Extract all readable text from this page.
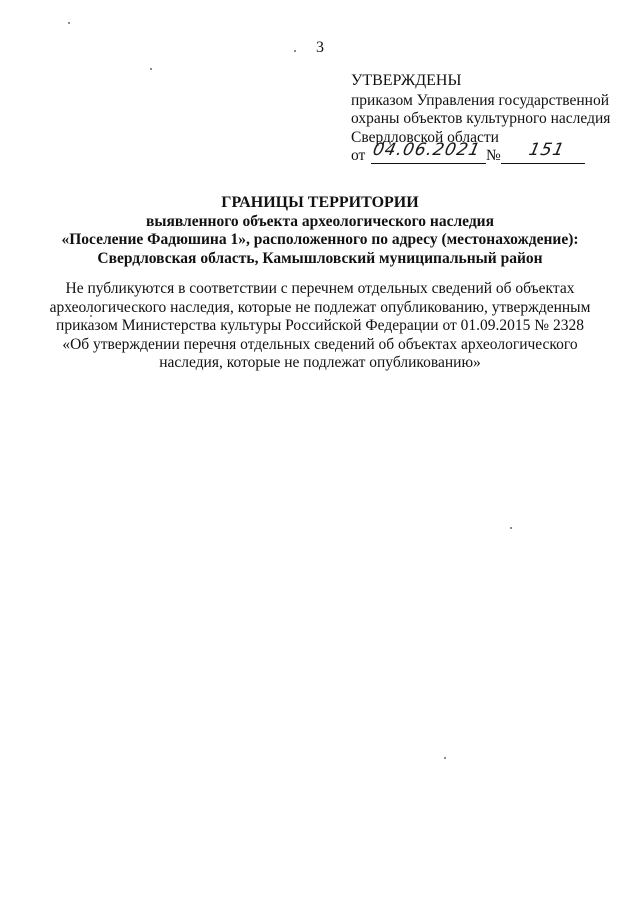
3
УТВЕРЖДЕНЫ
приказом Управления государственной
охраны объектов культурного наследия
Свердловской области
от 04.06.2021 № 151
ГРАНИЦЫ ТЕРРИТОРИИ
выявленного объекта археологического наследия
«Поселение Фадюшина 1», расположенного по адресу (местонахождение):
Свердловская область, Камышловский муниципальный район
Не публикуются в соответствии с перечнем отдельных сведений об объектах
археологического наследия, которые не подлежат опубликованию, утвержденным
приказом Министерства культуры Российской Федерации от 01.09.2015 № 2328
«Об утверждении перечня отдельных сведений об объектах археологического
наследия, которые не подлежат опубликованию»
